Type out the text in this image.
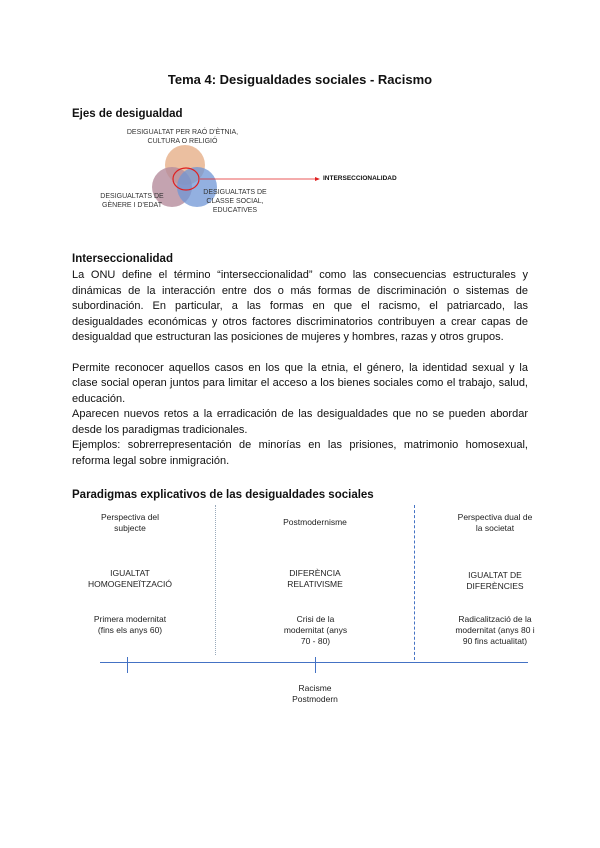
Tema 4: Desigualdades sociales - Racismo
Ejes de desigualdad
DESIGUALTAT PER RAÓ D'ÈTNIA, CULTURA O RELIGIÓ
DESIGUALTATS DE GÈNERE I D'EDAT
DESIGUALTATS DE CLASSE SOCIAL, EDUCATIVES
INTERSECCIONALIDAD
Interseccionalidad

La ONU define el término “interseccionalidad” como las consecuencias estructurales y dinámicas de la interacción entre dos o más formas de discriminación o sistemas de subordinación. En particular, a las formas en que el racismo, el patriarcado, las desigualdades económicas y otros factores discriminatorios contribuyen a crear capas de desigualdad que estructuran las posiciones de mujeres y hombres, razas y otros grupos.

Permite reconocer aquellos casos en los que la etnia, el género, la identidad sexual y la clase social operan juntos para limitar el acceso a los bienes sociales como el trabajo, salud, educación.

Aparecen nuevos retos a la erradicación de las desigualdades que no se pueden abordar desde los paradigmas tradicionales.

Ejemplos: sobrerrepresentación de minorías en las prisiones, matrimonio homosexual, reforma legal sobre inmigración.

Paradigmas explicativos de las desigualdades sociales
Perspectiva del subjecte
IGUALTAT HOMOGENEÏTZACIÓ
Primera modernitat (fins els anys 60)
Postmodernisme
DIFERÈNCIA RELATIVISME
Crisi de la modernitat (anys 70 - 80)
Perspectiva dual de la societat
IGUALTAT DE DIFERÈNCIES
Radicalització de la modernitat (anys 80 i 90 fins actualitat)
Racisme Postmodern
